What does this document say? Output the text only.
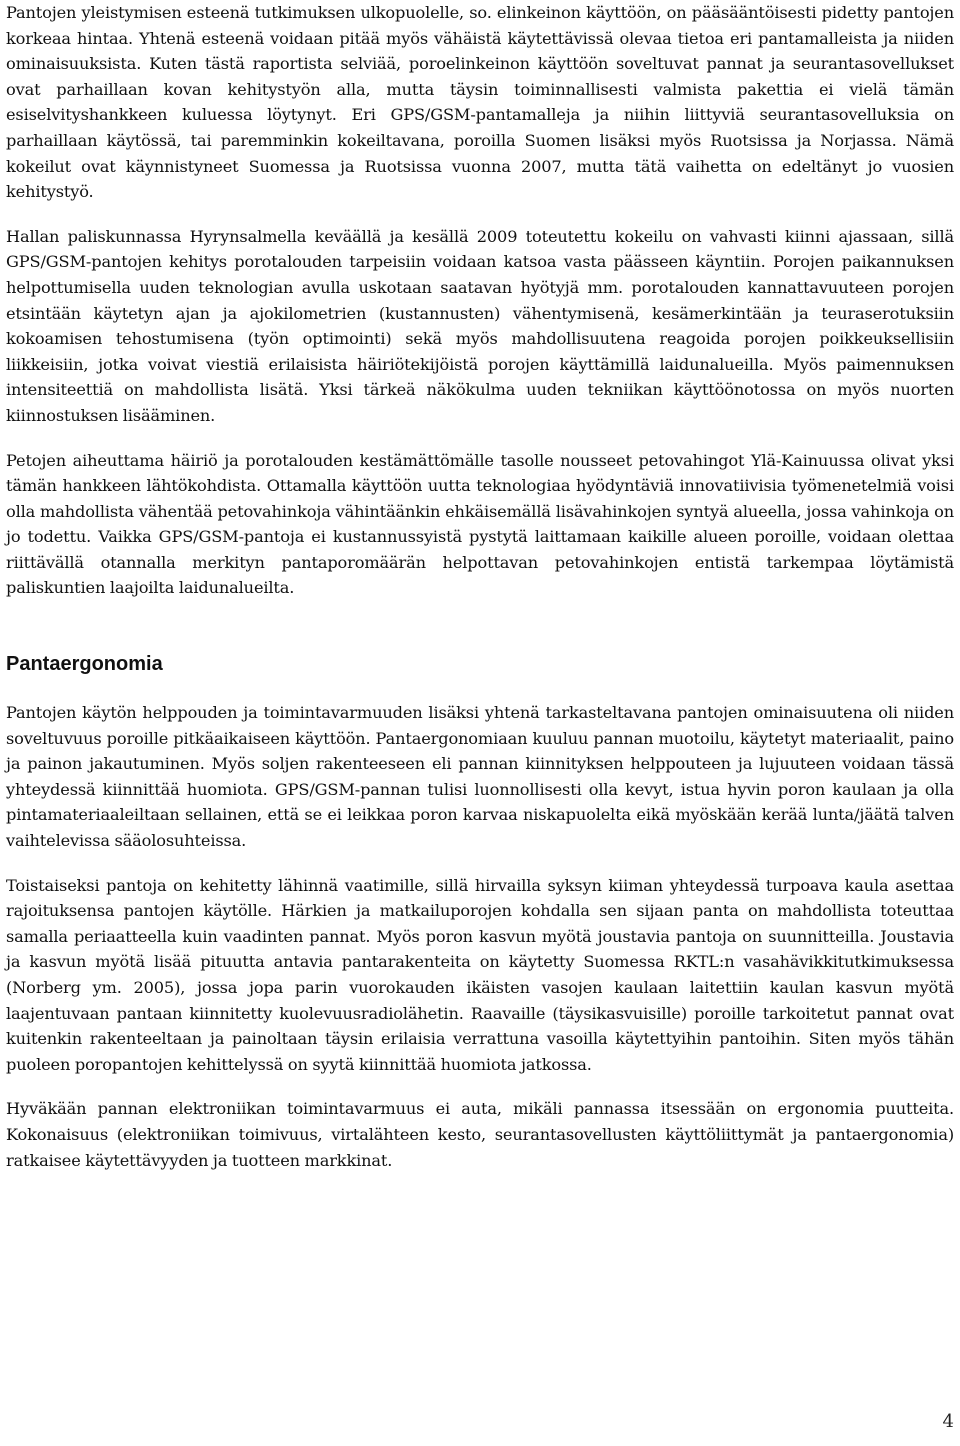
Pantojen yleistymisen esteenä tutkimuksen ulkopuolelle, so. elinkeinon käyttöön, on pääsääntöisesti pidetty pantojen korkeaa hintaa. Yhtenä esteenä voidaan pitää myös vähäistä käytettävissä olevaa tietoa eri pantamalleista ja niiden ominaisuuksista. Kuten tästä raportista selviää, poroelinkeinon käyttöön soveltuvat pannat ja seurantasovellukset ovat parhaillaan kovan kehitystyön alla, mutta täysin toiminnallisesti valmista pakettia ei vielä tämän esiselvityshankkeen kuluessa löytynyt. Eri GPS/GSM-pantamalleja ja niihin liittyviä seurantasovelluksia on parhaillaan käytössä, tai paremminkin kokeiltavana, poroilla Suomen lisäksi myös Ruotsissa ja Norjassa. Nämä kokeilut ovat käynnistyneet Suomessa ja Ruotsissa vuonna 2007, mutta tätä vaihetta on edeltänyt jo vuosien kehitystyö.

Hallan paliskunnassa Hyrynsalmella keväällä ja kesällä 2009 toteutettu kokeilu on vahvasti kiinni ajassaan, sillä GPS/GSM-pantojen kehitys porotalouden tarpeisiin voidaan katsoa vasta päässeen käyntiin. Porojen paikannuksen helpottumisella uuden teknologian avulla uskotaan saatavan hyötyjä mm. porotalouden kannattavuuteen porojen etsintään käytetyn ajan ja ajokilometrien (kustannusten) vähentymisenä, kesämerkintään ja teuraserotuksiin kokoamisen tehostumisena (työn optimointi) sekä myös mahdollisuutena reagoida porojen poikkeuksellisiin liikkeisiin, jotka voivat viestiä erilaisista häiriötekijöistä porojen käyttämillä laidunalueilla. Myös paimennuksen intensiteettiä on mahdollista lisätä. Yksi tärkeä näkökulma uuden tekniikan käyttöönotossa on myös nuorten kiinnostuksen lisääminen.

Petojen aiheuttama häiriö ja porotalouden kestämättömälle tasolle nousseet petovahingot Ylä-Kainuussa olivat yksi tämän hankkeen lähtökohdista. Ottamalla käyttöön uutta teknologiaa hyödyntäviä innovatiivisia työmenetelmiä voisi olla mahdollista vähentää petovahinkoja vähintäänkin ehkäisemällä lisävahinkojen syntyä alueella, jossa vahinkoja on jo todettu. Vaikka GPS/GSM-pantoja ei kustannussyistä pystytä laittamaan kaikille alueen poroille, voidaan olettaa riittävällä otannalla merkityn pantaporomäärän helpottavan petovahinkojen entistä tarkempaa löytämistä paliskuntien laajoilta laidunalueilta.

Pantaergonomia

Pantojen käytön helppouden ja toimintavarmuuden lisäksi yhtenä tarkasteltavana pantojen ominaisuutena oli niiden soveltuvuus poroille pitkäaikaiseen käyttöön. Pantaergonomiaan kuuluu pannan muotoilu, käytetyt materiaalit, paino ja painon jakautuminen. Myös soljen rakenteeseen eli pannan kiinnityksen helppouteen ja lujuuteen voidaan tässä yhteydessä kiinnittää huomiota. GPS/GSM-pannan tulisi luonnollisesti olla kevyt, istua hyvin poron kaulaan ja olla pintamateriaaleiltaan sellainen, että se ei leikkaa poron karvaa niskapuolelta eikä myöskään kerää lunta/jäätä talven vaihtelevissa sääolosuhteissa.

Toistaiseksi pantoja on kehitetty lähinnä vaatimille, sillä hirvailla syksyn kiiman yhteydessä turpoava kaula asettaa rajoituksensa pantojen käytölle. Härkien ja matkailuporojen kohdalla sen sijaan panta on mahdollista toteuttaa samalla periaatteella kuin vaadinten pannat. Myös poron kasvun myötä joustavia pantoja on suunnitteilla. Joustavia ja kasvun myötä lisää pituutta antavia pantarakenteita on käytetty Suomessa RKTL:n vasahävikkitutkimuksessa (Norberg ym. 2005), jossa jopa parin vuorokauden ikäisten vasojen kaulaan laitettiin kaulan kasvun myötä laajentuvaan pantaan kiinnitetty kuolevuusradiolähetin. Raavaille (täysikasvuisille) poroille tarkoitetut pannat ovat kuitenkin rakenteeltaan ja painoltaan täysin erilaisia verrattuna vasoilla käytettyihin pantoihin. Siten myös tähän puoleen poropantojen kehittelyssä on syytä kiinnittää huomiota jatkossa.

Hyväkään pannan elektroniikan toimintavarmuus ei auta, mikäli pannassa itsessään on ergonomia puutteita. Kokonaisuus (elektroniikan toimivuus, virtalähteen kesto, seurantasovellusten käyttöliittymät ja pantaergonomia) ratkaisee käytettävyyden ja tuotteen markkinat.

4
